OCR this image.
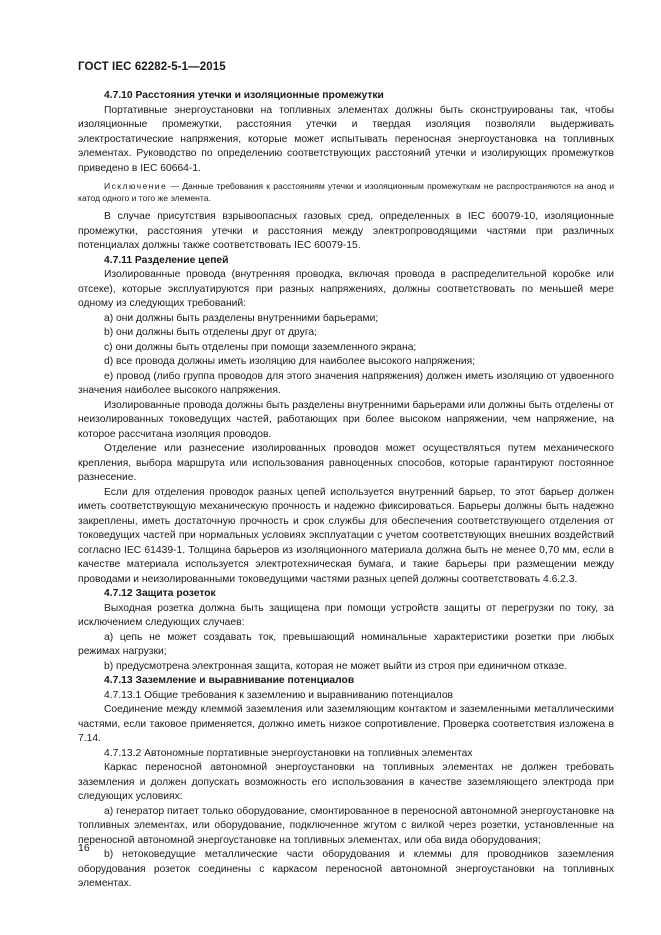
ГОСТ IEC 62282-5-1—2015

4.7.10 Расстояния утечки и изоляционные промежутки

Портативные энергоустановки на топливных элементах должны быть сконструированы так, чтобы изоляционные промежутки, расстояния утечки и твердая изоляция позволяли выдерживать электростатические напряжения, которые может испытывать переносная энергоустановка на топливных элементах. Руководство по определению соответствующих расстояний утечки и изолирующих промежутков приведено в IEC 60664-1.

Исключение — Данные требования к расстояниям утечки и изоляционным промежуткам не распространяются на анод и катод одного и того же элемента.

В случае присутствия взрывоопасных газовых сред, определенных в IEC 60079-10, изоляционные промежутки, расстояния утечки и расстояния между электропроводящими частями при различных потенциалах должны также соответствовать IEC 60079-15.

4.7.11 Разделение цепей

Изолированные провода (внутренняя проводка, включая провода в распределительной коробке или отсеке), которые эксплуатируются при разных напряжениях, должны соответствовать по меньшей мере одному из следующих требований:

а) они должны быть разделены внутренними барьерами;

b) они должны быть отделены друг от друга;

c) они должны быть отделены при помощи заземленного экрана;

d) все провода должны иметь изоляцию для наиболее высокого напряжения;

e) провод (либо группа проводов для этого значения напряжения) должен иметь изоляцию от удвоенного значения наиболее высокого напряжения.

Изолированные провода должны быть разделены внутренними барьерами или должны быть отделены от неизолированных токоведущих частей, работающих при более высоком напряжении, чем напряжение, на которое рассчитана изоляция проводов.

Отделение или разнесение изолированных проводов может осуществляться путем механического крепления, выбора маршрута или использования равноценных способов, которые гарантируют постоянное разнесение.

Если для отделения проводок разных цепей используется внутренний барьер, то этот барьер должен иметь соответствующую механическую прочность и надежно фиксироваться. Барьеры должны быть надежно закреплены, иметь достаточную прочность и срок службы для обеспечения соответствующего отделения от токоведущих частей при нормальных условиях эксплуатации с учетом соответствующих внешних воздействий согласно IEC 61439-1. Толщина барьеров из изоляционного материала должна быть не менее 0,70 мм, если в качестве материала используется электротехническая бумага, и такие барьеры при размещении между проводами и неизолированными токоведущими частями разных цепей должны соответствовать 4.6.2.3.

4.7.12 Защита розеток

Выходная розетка должна быть защищена при помощи устройств защиты от перегрузки по току, за исключением следующих случаев:

а) цепь не может создавать ток, превышающий номинальные характеристики розетки при любых режимах нагрузки;

b) предусмотрена электронная защита, которая не может выйти из строя при единичном отказе.

4.7.13 Заземление и выравнивание потенциалов

4.7.13.1 Общие требования к заземлению и выравниванию потенциалов

Соединение между клеммой заземления или заземляющим контактом и заземленными металлическими частями, если таковое применяется, должно иметь низкое сопротивление. Проверка соответствия изложена в 7.14.

4.7.13.2 Автономные портативные энергоустановки на топливных элементах

Каркас переносной автономной энергоустановки на топливных элементах не должен требовать заземления и должен допускать возможность его использования в качестве заземляющего электрода при следующих условиях:

а) генератор питает только оборудование, смонтированное в переносной автономной энергоустановке на топливных элементах, или оборудование, подключенное жгутом с вилкой через розетки, установленные на переносной автономной энергоустановке на топливных элементах, или оба вида оборудования;

b) нетоковедущие металлические части оборудования и клеммы для проводников заземления оборудования розеток соединены с каркасом переносной автономной энергоустановки на топливных элементах.

16
